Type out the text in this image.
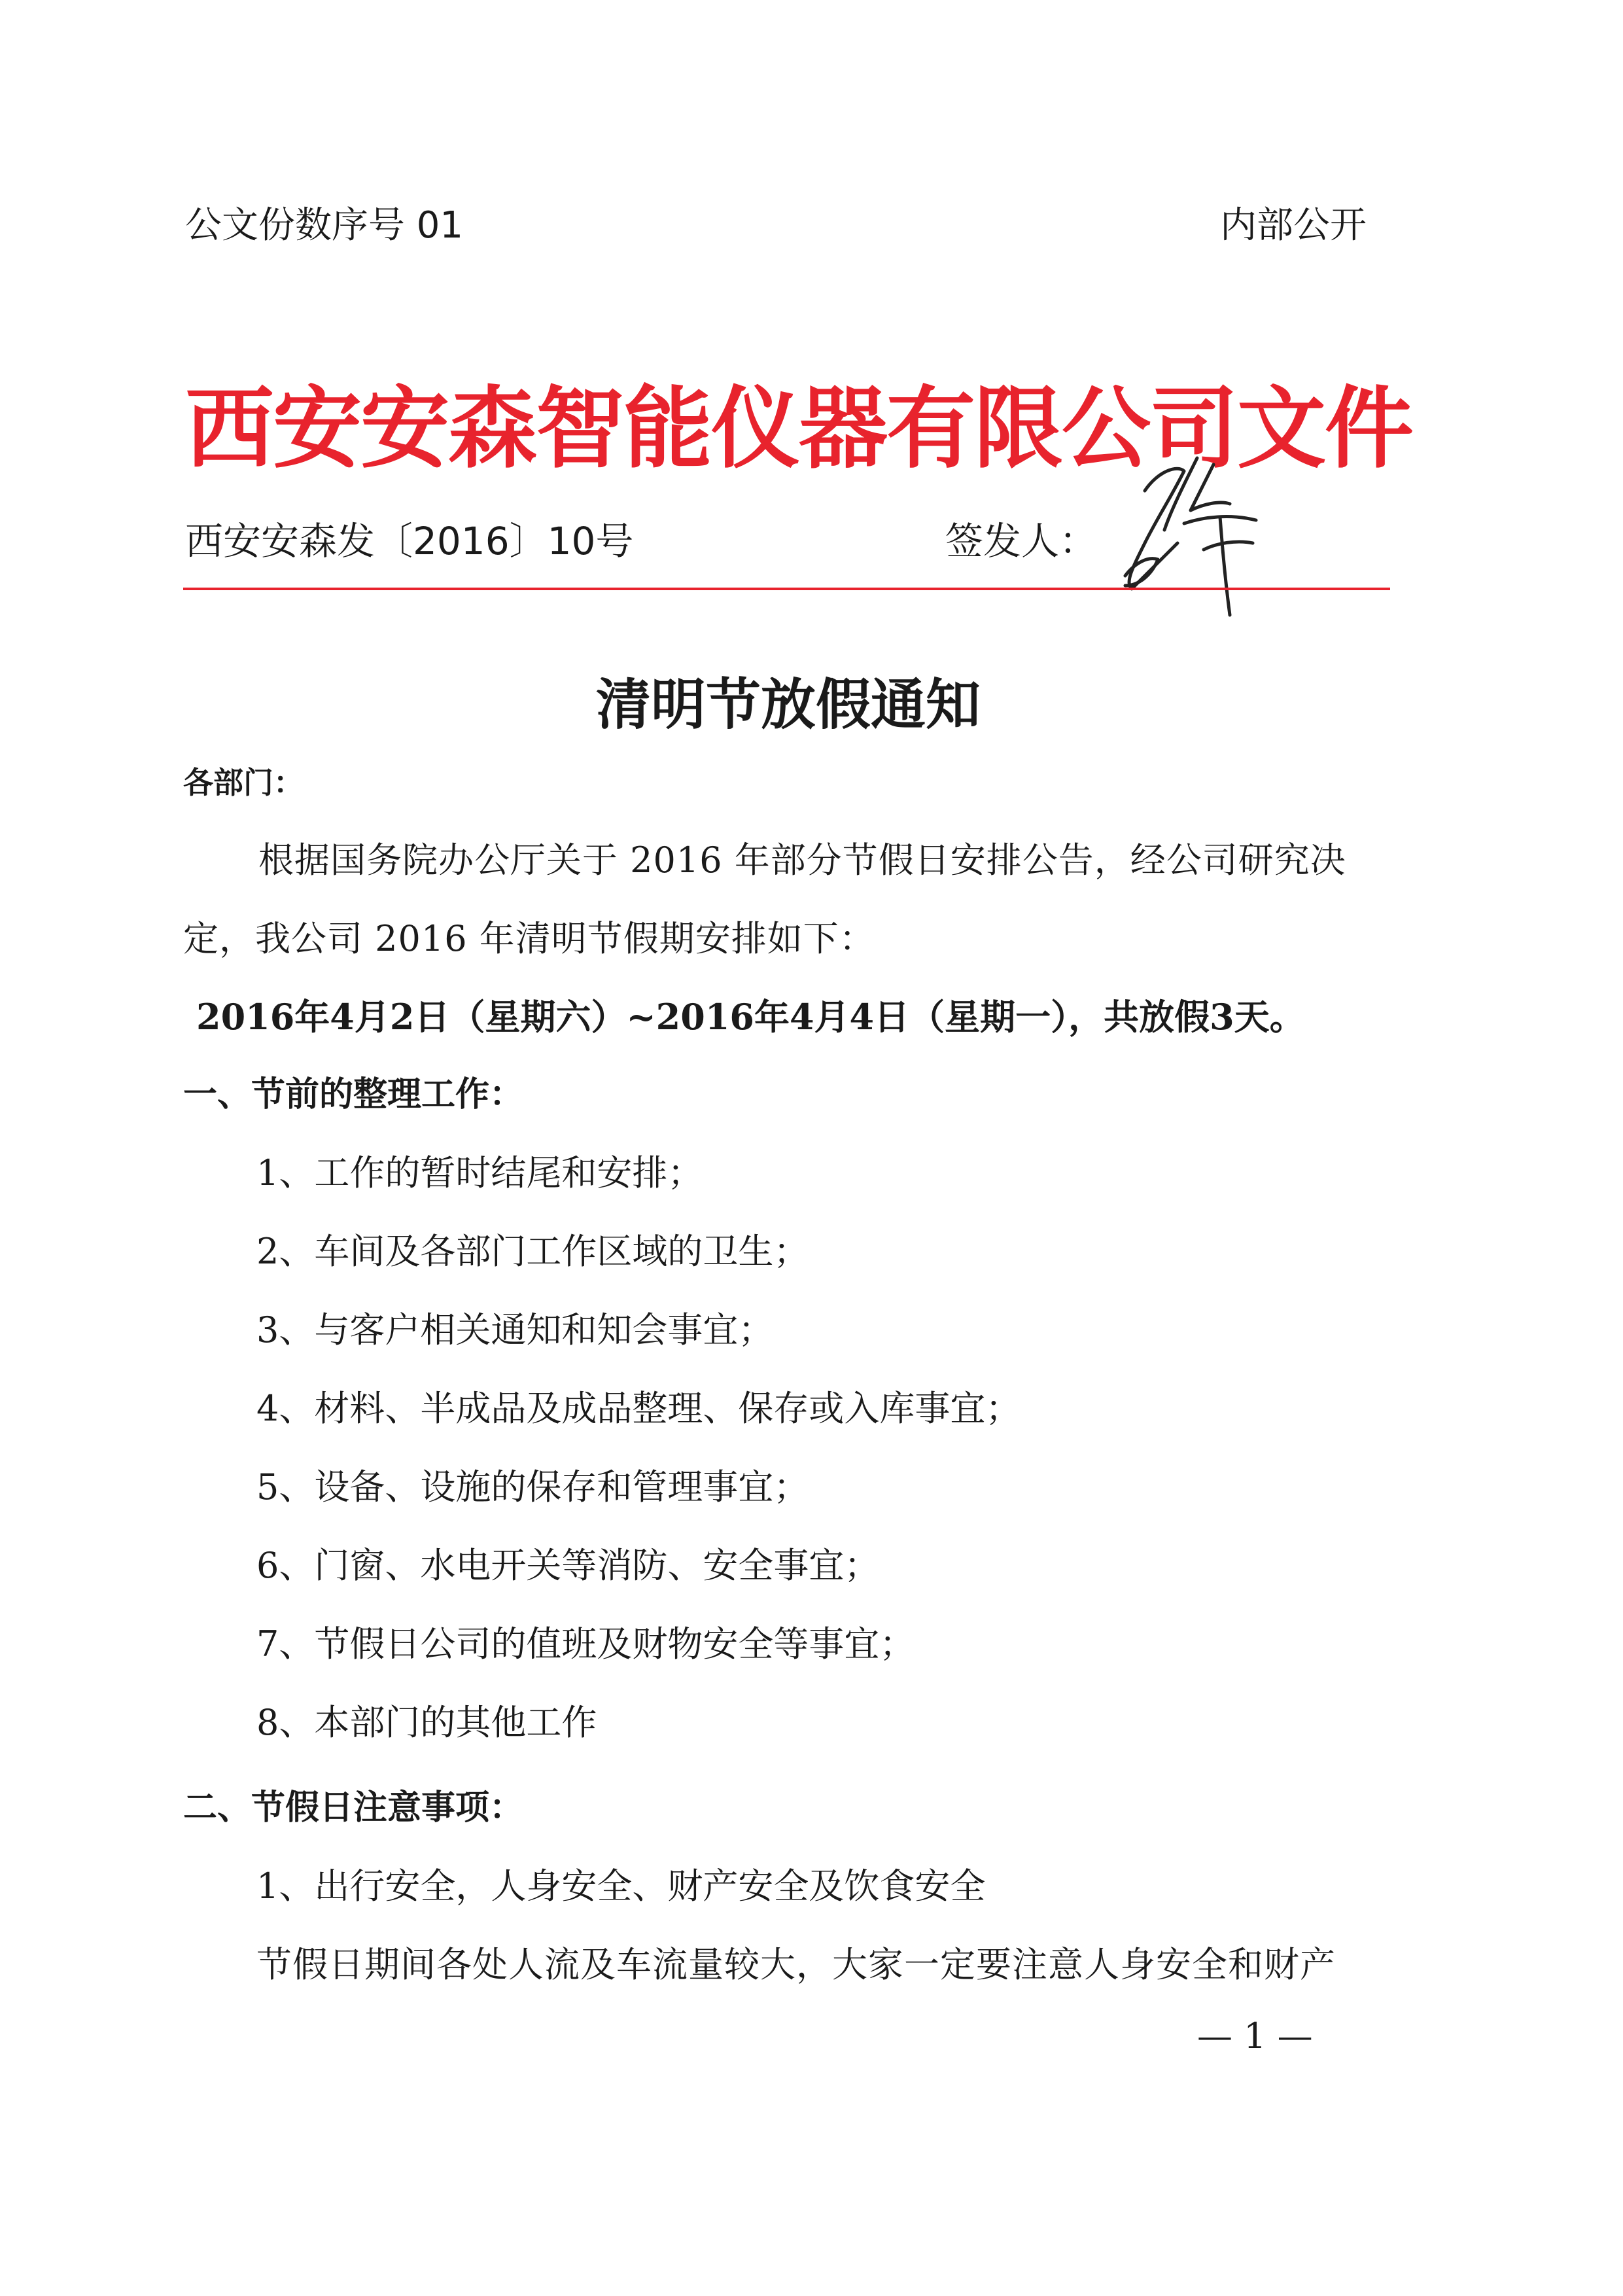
公文份数序号 01	内部公开
西安安森智能仪器有限公司文件
西安安森发〔2016〕10号	签发人：
清明节放假通知
各部门：
根据国务院办公厅关于 2016 年部分节假日安排公告，经公司研究决
定，我公司 2016 年清明节假期安排如下：
2016年4月2日（星期六）~2016年4月4日（星期一），共放假3天。
一、节前的整理工作：
1、工作的暂时结尾和安排；
2、车间及各部门工作区域的卫生；
3、与客户相关通知和知会事宜；
4、材料、半成品及成品整理、保存或入库事宜；
5、设备、设施的保存和管理事宜；
6、门窗、水电开关等消防、安全事宜；
7、节假日公司的值班及财物安全等事宜；
8、本部门的其他工作
二、节假日注意事项：
1、出行安全，人身安全、财产安全及饮食安全
节假日期间各处人流及车流量较大，大家一定要注意人身安全和财产
— 1 —
